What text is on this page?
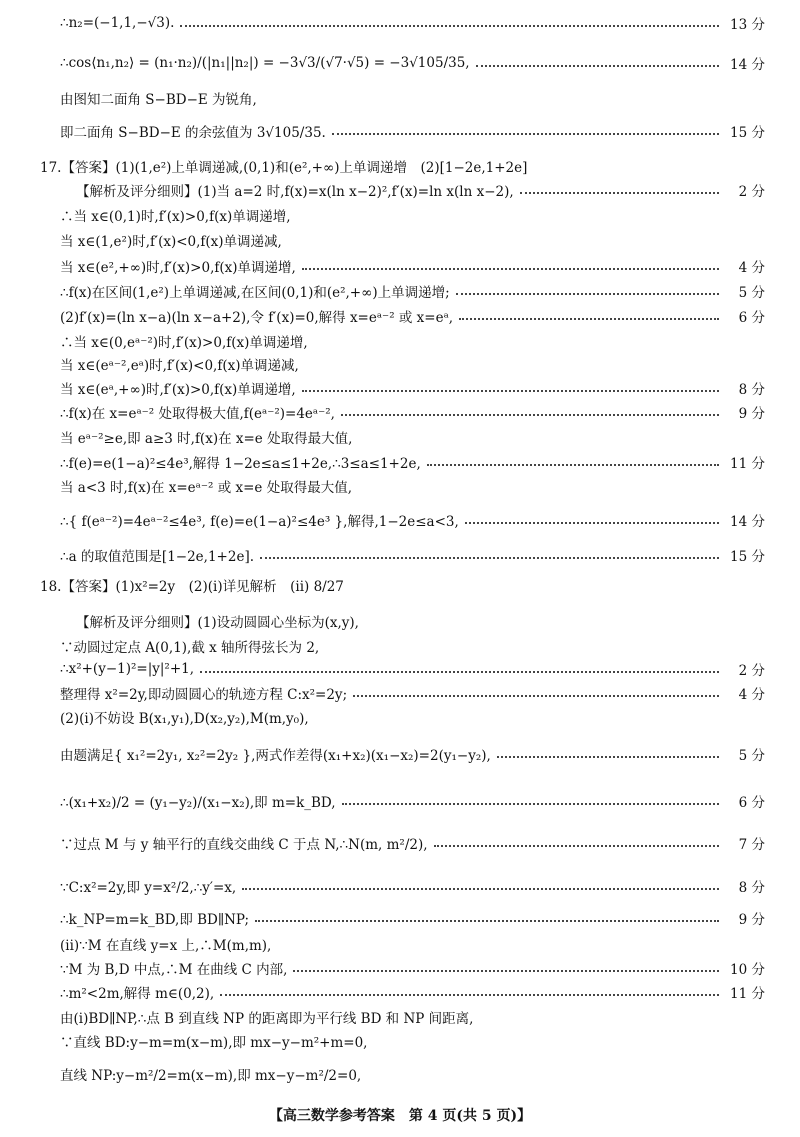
∴n₂=(−1,1,−√3).	13 分
∴cos⟨n₁,n₂⟩ = (n₁·n₂)/(|n₁||n₂|) = −3√3/(√7·√5) = −3√105/35,	14 分
由图知二面角 S−BD−E 为锐角,
即二面角 S−BD−E 的余弦值为 3√105/35.	15 分
17.【答案】(1)(1,e²)上单调递减,(0,1)和(e²,+∞)上单调递增　(2)[1−2e,1+2e]
【解析及评分细则】(1)当 a=2 时,f(x)=x(ln x−2)²,f′(x)=ln x(ln x−2),	2 分
∴当 x∈(0,1)时,f′(x)>0,f(x)单调递增,
当 x∈(1,e²)时,f′(x)<0,f(x)单调递减,
当 x∈(e²,+∞)时,f′(x)>0,f(x)单调递增,	4 分
∴f(x)在区间(1,e²)上单调递减,在区间(0,1)和(e²,+∞)上单调递增;	5 分
(2)f′(x)=(ln x−a)(ln x−a+2),令 f′(x)=0,解得 x=eᵃ⁻² 或 x=eᵃ,	6 分
∴当 x∈(0,eᵃ⁻²)时,f′(x)>0,f(x)单调递增,
当 x∈(eᵃ⁻²,eᵃ)时,f′(x)<0,f(x)单调递减,
当 x∈(eᵃ,+∞)时,f′(x)>0,f(x)单调递增,	8 分
∴f(x)在 x=eᵃ⁻² 处取得极大值,f(eᵃ⁻²)=4eᵃ⁻²,	9 分
当 eᵃ⁻²≥e,即 a≥3 时,f(x)在 x=e 处取得最大值,
∴f(e)=e(1−a)²≤4e³,解得 1−2e≤a≤1+2e,∴3≤a≤1+2e,	11 分
当 a<3 时,f(x)在 x=eᵃ⁻² 或 x=e 处取得最大值,
∴{ f(eᵃ⁻²)=4eᵃ⁻²≤4e³, f(e)=e(1−a)²≤4e³ },解得,1−2e≤a<3,	14 分
∴a 的取值范围是[1−2e,1+2e].	15 分
18.【答案】(1)x²=2y　(2)(i)详见解析　(ii) 8/27
【解析及评分细则】(1)设动圆圆心坐标为(x,y),
∵动圆过定点 A(0,1),截 x 轴所得弦长为 2,
∴x²+(y−1)²=|y|²+1,	2 分
整理得 x²=2y,即动圆圆心的轨迹方程 C:x²=2y;	4 分
(2)(i)不妨设 B(x₁,y₁),D(x₂,y₂),M(m,y₀),
由题满足{ x₁²=2y₁, x₂²=2y₂ },两式作差得(x₁+x₂)(x₁−x₂)=2(y₁−y₂),	5 分
∴(x₁+x₂)/2 = (y₁−y₂)/(x₁−x₂),即 m=k_BD,	6 分
∵过点 M 与 y 轴平行的直线交曲线 C 于点 N,∴N(m, m²/2),	7 分
∵C:x²=2y,即 y=x²/2,∴y′=x,	8 分
∴k_NP=m=k_BD,即 BD∥NP;	9 分
(ii)∵M 在直线 y=x 上,∴M(m,m),
∵M 为 B,D 中点,∴M 在曲线 C 内部,	10 分
∴m²<2m,解得 m∈(0,2),	11 分
由(i)BD∥NP,∴点 B 到直线 NP 的距离即为平行线 BD 和 NP 间距离,
∵直线 BD:y−m=m(x−m),即 mx−y−m²+m=0,
直线 NP:y−m²/2=m(x−m),即 mx−y−m²/2=0,
【高三数学参考答案　第 4 页(共 5 页)】
